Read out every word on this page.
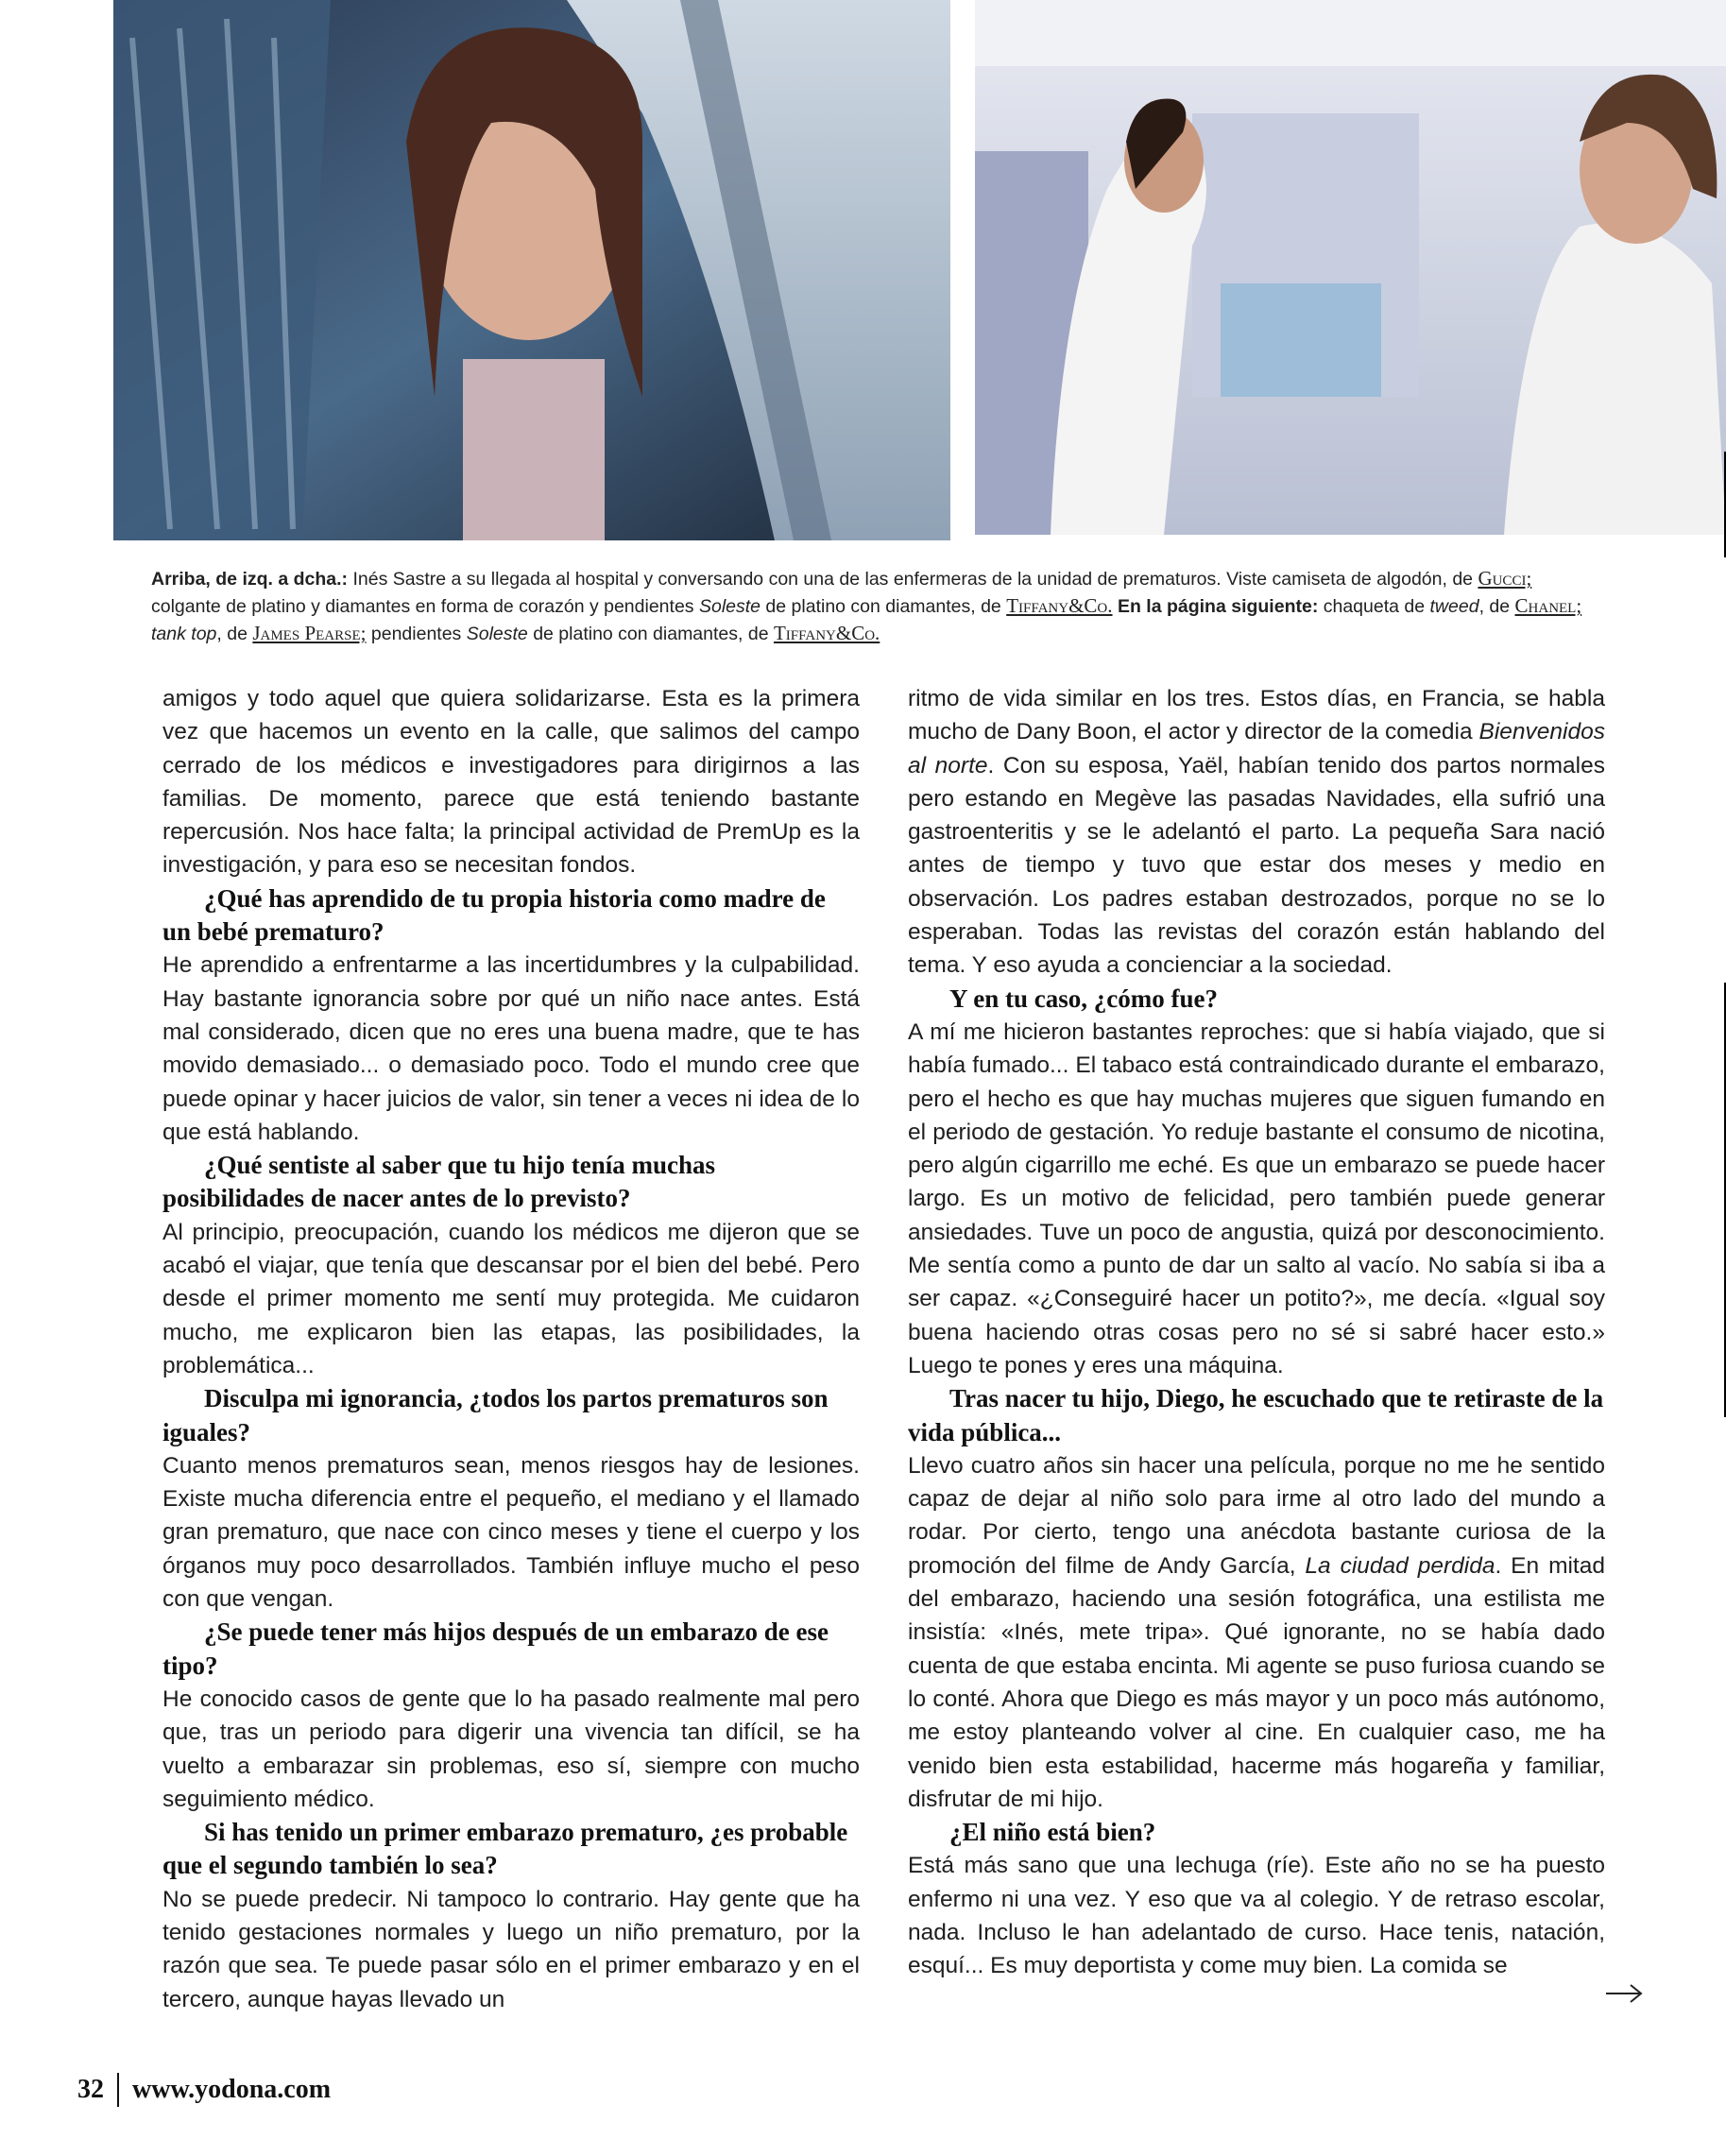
Arriba, de izq. a dcha.: Inés Sastre a su llegada al hospital y conversando con una de las enfermeras de la unidad de prematuros. Viste camiseta de algodón, de Gucci; colgante de platino y diamantes en forma de corazón y pendientes Soleste de platino con diamantes, de Tiffany&Co. En la página siguiente: chaqueta de tweed, de Chanel; tank top, de James Pearse; pendientes Soleste de platino con diamantes, de Tiffany&Co.

amigos y todo aquel que quiera solidarizarse. Esta es la primera vez que hacemos un evento en la calle, que salimos del campo cerrado de los médicos e investigadores para dirigirnos a las familias. De momento, parece que está teniendo bastante repercusión. Nos hace falta; la principal actividad de PremUp es la investigación, y para eso se necesitan fondos.

¿Qué has aprendido de tu propia historia como madre de un bebé prematuro?

He aprendido a enfrentarme a las incertidumbres y la culpabilidad. Hay bastante ignorancia sobre por qué un niño nace antes. Está mal considerado, dicen que no eres una buena madre, que te has movido demasiado... o demasiado poco. Todo el mundo cree que puede opinar y hacer juicios de valor, sin tener a veces ni idea de lo que está hablando.

¿Qué sentiste al saber que tu hijo tenía muchas posibilidades de nacer antes de lo previsto?

Al principio, preocupación, cuando los médicos me dijeron que se acabó el viajar, que tenía que descansar por el bien del bebé. Pero desde el primer momento me sentí muy protegida. Me cuidaron mucho, me explicaron bien las etapas, las posibilidades, la problemática...

Disculpa mi ignorancia, ¿todos los partos prematuros son iguales?

Cuanto menos prematuros sean, menos riesgos hay de lesiones. Existe mucha diferencia entre el pequeño, el mediano y el llamado gran prematuro, que nace con cinco meses y tiene el cuerpo y los órganos muy poco desarrollados. También influye mucho el peso con que vengan.

¿Se puede tener más hijos después de un embarazo de ese tipo?

He conocido casos de gente que lo ha pasado realmente mal pero que, tras un periodo para digerir una vivencia tan difícil, se ha vuelto a embarazar sin problemas, eso sí, siempre con mucho seguimiento médico.

Si has tenido un primer embarazo prematuro, ¿es probable que el segundo también lo sea?

No se puede predecir. Ni tampoco lo contrario. Hay gente que ha tenido gestaciones normales y luego un niño prematuro, por la razón que sea. Te puede pasar sólo en el primer embarazo y en el tercero, aunque hayas llevado un

ritmo de vida similar en los tres. Estos días, en Francia, se habla mucho de Dany Boon, el actor y director de la comedia Bienvenidos al norte. Con su esposa, Yaël, habían tenido dos partos normales pero estando en Megève las pasadas Navidades, ella sufrió una gastroenteritis y se le adelantó el parto. La pequeña Sara nació antes de tiempo y tuvo que estar dos meses y medio en observación. Los padres estaban destrozados, porque no se lo esperaban. Todas las revistas del corazón están hablando del tema. Y eso ayuda a concienciar a la sociedad.

Y en tu caso, ¿cómo fue?

A mí me hicieron bastantes reproches: que si había viajado, que si había fumado... El tabaco está contraindicado durante el embarazo, pero el hecho es que hay muchas mujeres que siguen fumando en el periodo de gestación. Yo reduje bastante el consumo de nicotina, pero algún cigarrillo me eché. Es que un embarazo se puede hacer largo. Es un motivo de felicidad, pero también puede generar ansiedades. Tuve un poco de angustia, quizá por desconocimiento. Me sentía como a punto de dar un salto al vacío. No sabía si iba a ser capaz. «¿Conseguiré hacer un potito?», me decía. «Igual soy buena haciendo otras cosas pero no sé si sabré hacer esto.» Luego te pones y eres una máquina.

Tras nacer tu hijo, Diego, he escuchado que te retiraste de la vida pública...

Llevo cuatro años sin hacer una película, porque no me he sentido capaz de dejar al niño solo para irme al otro lado del mundo a rodar. Por cierto, tengo una anécdota bastante curiosa de la promoción del filme de Andy García, La ciudad perdida. En mitad del embarazo, haciendo una sesión fotográfica, una estilista me insistía: «Inés, mete tripa». Qué ignorante, no se había dado cuenta de que estaba encinta. Mi agente se puso furiosa cuando se lo conté. Ahora que Diego es más mayor y un poco más autónomo, me estoy planteando volver al cine. En cualquier caso, me ha venido bien esta estabilidad, hacerme más hogareña y familiar, disfrutar de mi hijo.

¿El niño está bien?

Está más sano que una lechuga (ríe). Este año no se ha puesto enfermo ni una vez. Y eso que va al colegio. Y de retraso escolar, nada. Incluso le han adelantado de curso. Hace tenis, natación, esquí... Es muy deportista y come muy bien. La comida se

32 www.yodona.com
